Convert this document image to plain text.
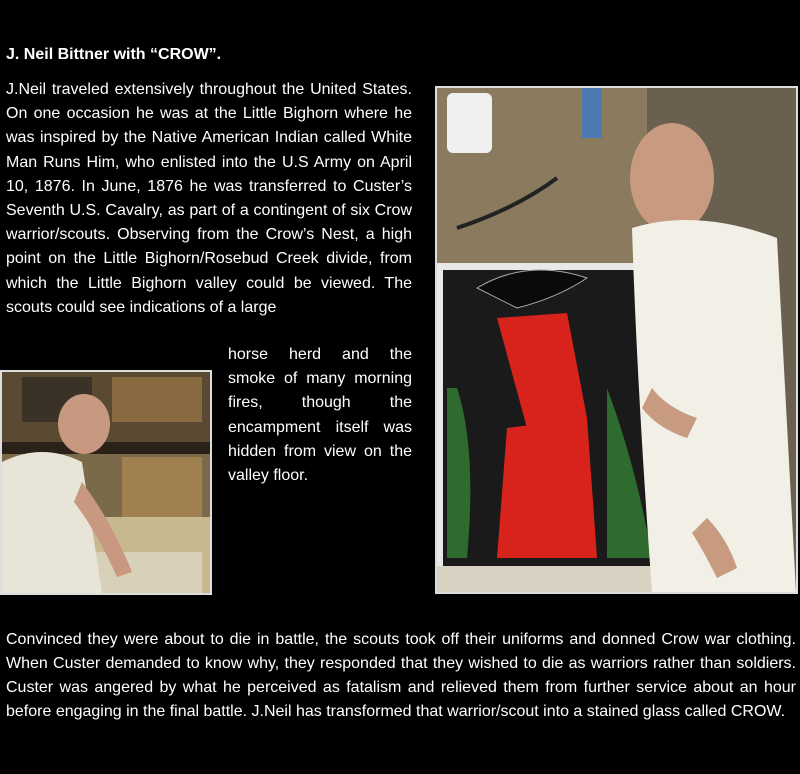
J. Neil Bittner with “CROW”.

J.Neil traveled extensively throughout the United States. On one occasion he was at the Little Bighorn where he was inspired by the Native American Indian called White Man Runs Him, who enlisted into the U.S Army on April 10, 1876. In June, 1876 he was transferred to Custer’s Seventh U.S. Cavalry, as part of a contingent of six Crow warrior/scouts. Observing from the Crow’s Nest, a high point on the Little Bighorn/Rosebud Creek divide, from which the Little Bighorn valley could be viewed. The scouts could see indications of a large

horse herd and the smoke of many morning fires, though the encampment itself was hidden from view on the valley floor.

Convinced they were about to die in battle, the scouts took off their uniforms and donned Crow war clothing. When Custer demanded to know why, they responded that they wished to die as warriors rather than soldiers. Custer was angered by what he perceived as fatalism and relieved them from further service about an hour before engaging in the final battle. J.Neil has transformed that warrior/scout into a stained glass called CROW.
